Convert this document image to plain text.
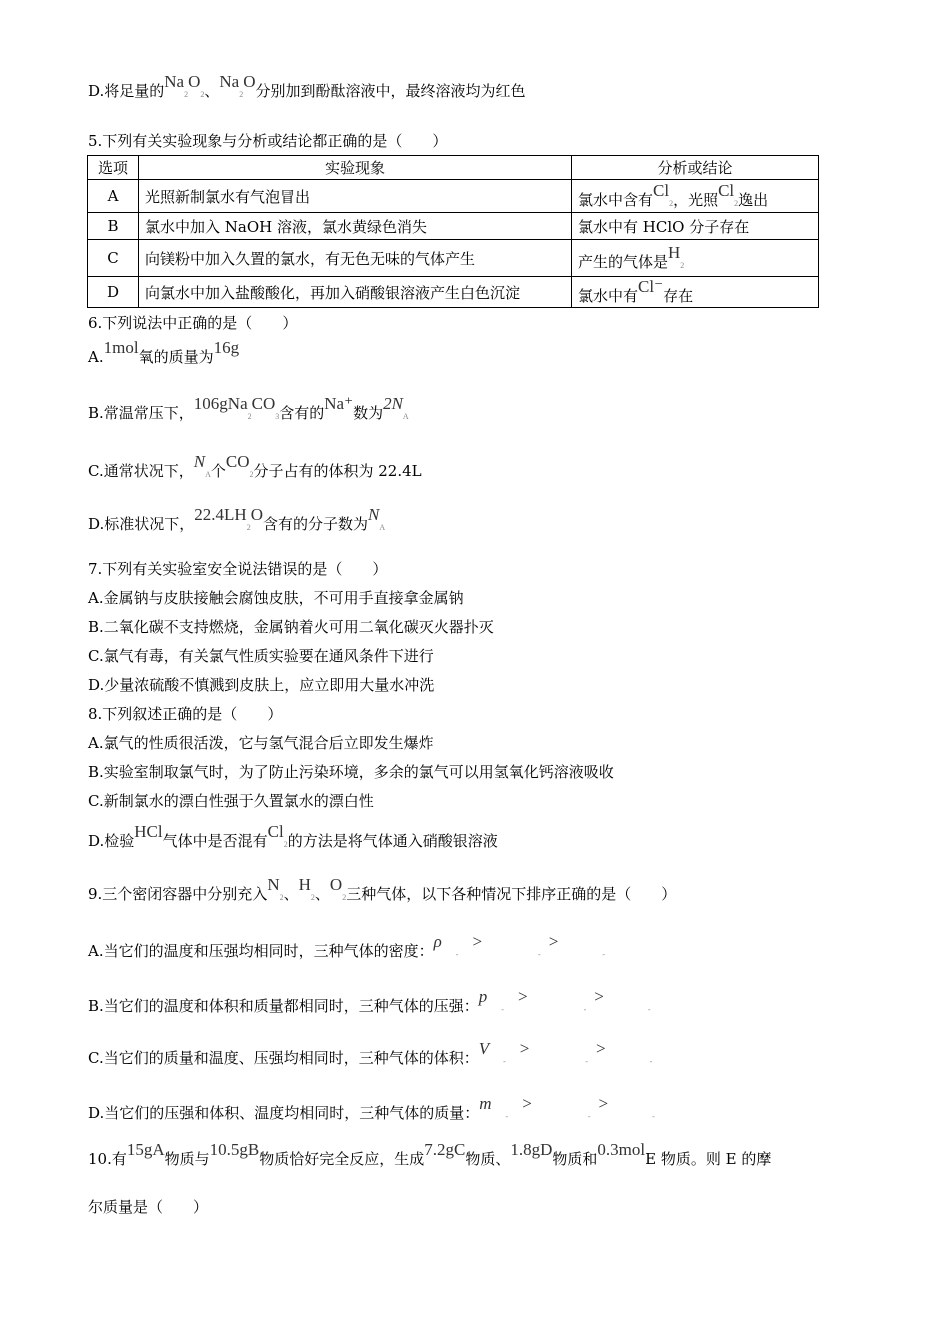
D.将足量的$Na_2O_2$、$Na_2O$分别加到酚酞溶液中，最终溶液均为红色
5.下列有关实验现象与分析或结论都正确的是（　　）
选项	实验现象	分析或结论
A	光照新制氯水有气泡冒出	氯水中含有$Cl_2$，光照$Cl_2$逸出
B	氯水中加入 NaOH 溶液，氯水黄绿色消失	氯水中有 HClO 分子存在
C	向镁粉中加入久置的氯水，有无色无味的气体产生	产生的气体是$H_2$
D	向氯水中加入盐酸酸化，再加入硝酸银溶液产生白色沉淀	氯水中有Cl⁻存在
6.下列说法中正确的是（　　）
A.1mol氧的质量为16g
B.常温常压下，$106gNa_2CO_3$含有的Na⁺数为$2N_A$
C.通常状况下，$N_A$个$CO_2$分子占有的体积为 22.4L
D.标准状况下，$22.4LH_2O$含有的分子数为$N_A$
7.下列有关实验室安全说法错误的是（　　）
A.金属钠与皮肤接触会腐蚀皮肤，不可用手直接拿金属钠
B.二氧化碳不支持燃烧，金属钠着火可用二氧化碳灭火器扑灭
C.氯气有毒，有关氯气性质实验要在通风条件下进行
D.少量浓硫酸不慎溅到皮肤上，应立即用大量水冲洗
8.下列叙述正确的是（　　）
A.氯气的性质很活泼，它与氢气混合后立即发生爆炸
B.实验室制取氯气时，为了防止污染环境，多余的氯气可以用氢氧化钙溶液吸收
C.新制氯水的漂白性强于久置氯水的漂白性
D.检验HCl气体中是否混有$Cl_2$的方法是将气体通入硝酸银溶液
9.三个密闭容器中分别充入$N_2$、$H_2$、$O_2$三种气体，以下各种情况下排序正确的是（　　）
A.当它们的温度和压强均相同时，三种气体的密度：$\rho_->_->_-$
B.当它们的温度和体积和质量都相同时，三种气体的压强：$p_->_->_-$
C.当它们的质量和温度、压强均相同时，三种气体的体积：$V_->_->_-$
D.当它们的压强和体积、温度均相同时，三种气体的质量：$m_->_->_-$
10.有15gA物质与10.5gB物质恰好完全反应，生成7.2gC物质、1.8gD物质和0.3molE 物质。则 E 的摩
尔质量是（　　）
